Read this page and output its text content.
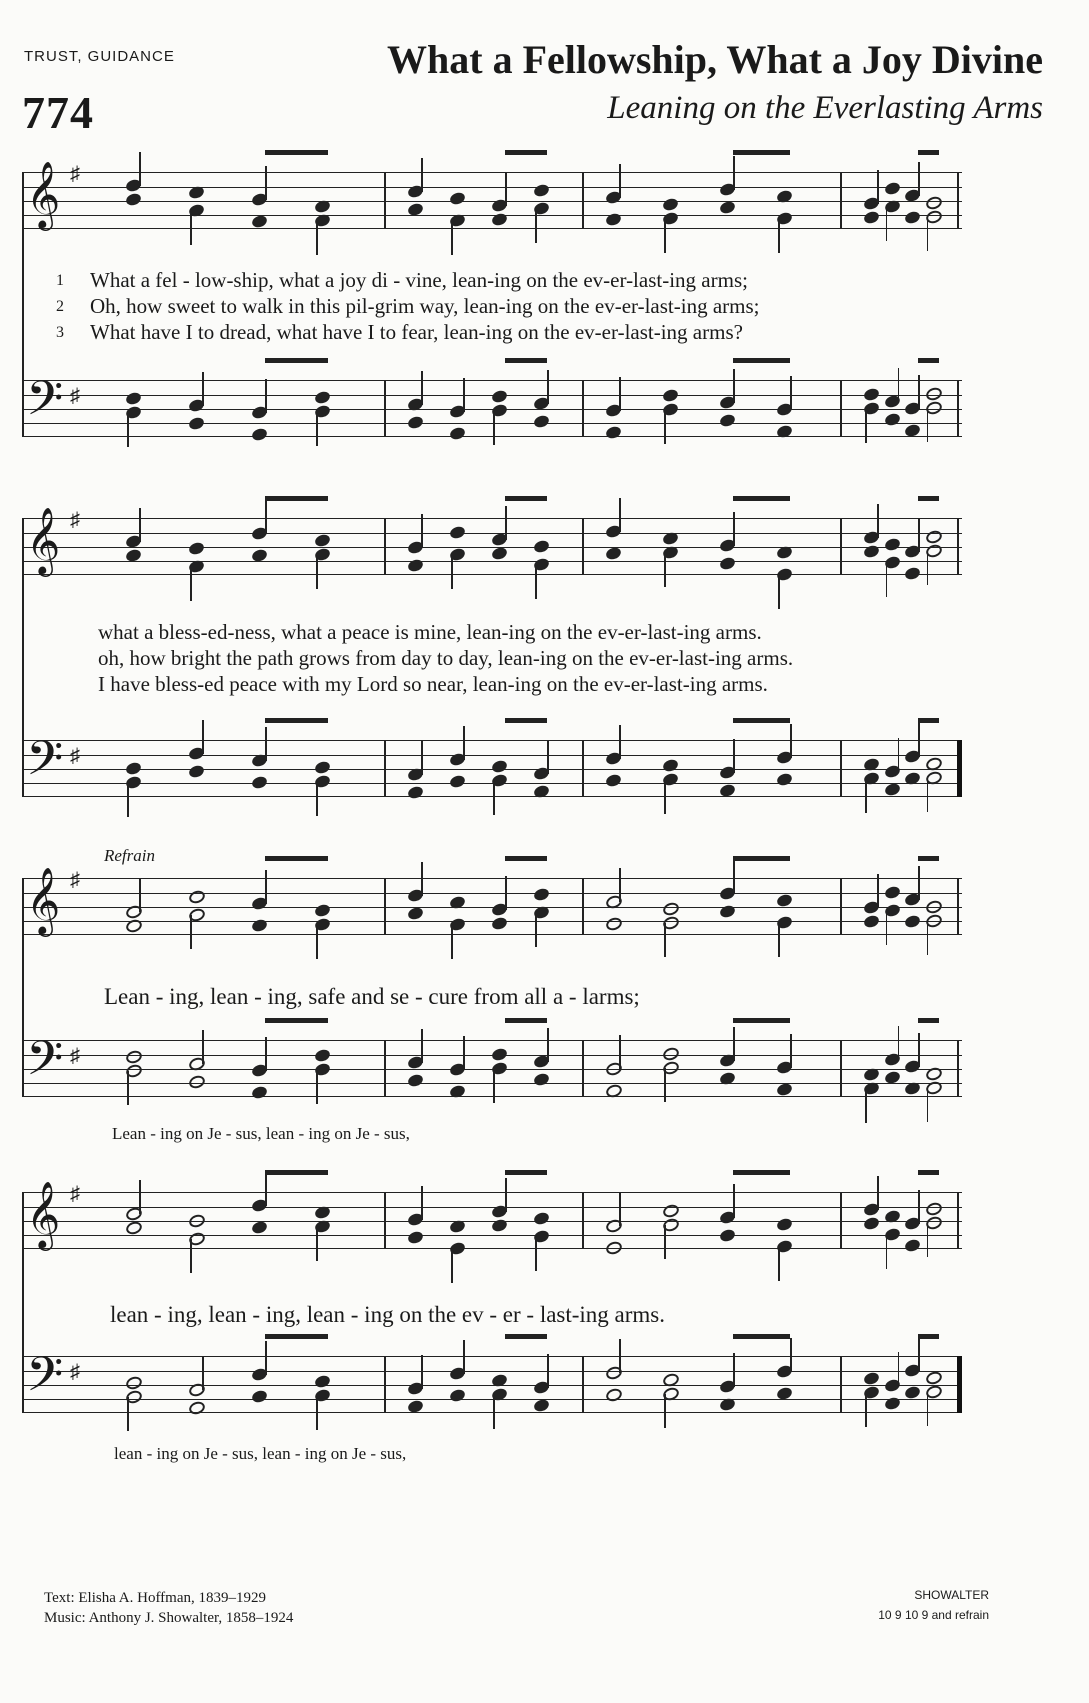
TRUST, GUIDANCE
774
What a Fellowship, What a Joy Divine
Leaning on the Everlasting Arms
𝄞 ♯
𝄢 ♯
𝄞 ♯
𝄢 ♯
𝄞 ♯
𝄢 ♯
𝄞 ♯
𝄢 ♯
1 What a fel - low-ship, what a joy di - vine, lean-ing on the ev-er-last-ing arms;
2 Oh, how sweet to walk in this pil-grim way, lean-ing on the ev-er-last-ing arms;
3 What have I to dread, what have I to fear, lean-ing on the ev-er-last-ing arms?
what a bless-ed-ness, what a peace is mine, lean-ing on the ev-er-last-ing arms.
oh, how bright the path grows from day to day, lean-ing on the ev-er-last-ing arms.
I have bless-ed peace with my Lord so near, lean-ing on the ev-er-last-ing arms.
Refrain
Lean - ing, lean - ing, safe and se - cure from all a - larms;
Lean - ing on Je - sus, lean - ing on Je - sus,
lean - ing, lean - ing, lean - ing on the ev - er - last-ing arms.
lean - ing on Je - sus, lean - ing on Je - sus,
Text: Elisha A. Hoffman, 1839–1929
Music: Anthony J. Showalter, 1858–1924
SHOWALTER
10 9 10 9 and refrain
